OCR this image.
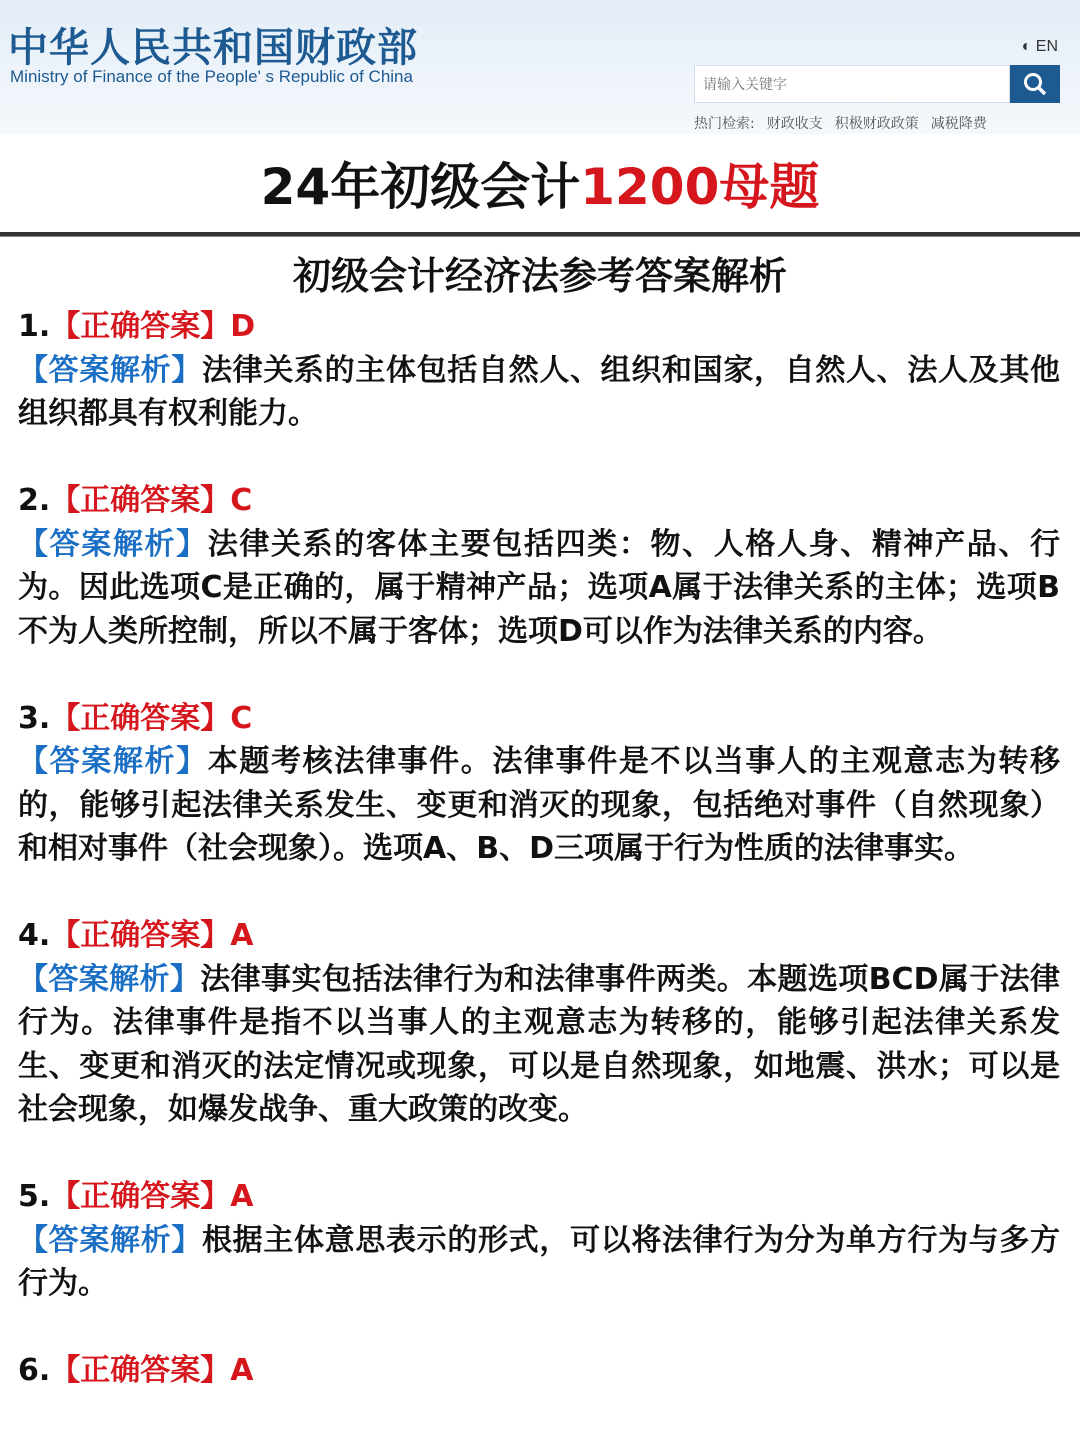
中华人民共和国财政部
Ministry of Finance of the People' s Republic of China
◐ EN
请输入关键字
热门检索: 财政收支 积极财政政策 减税降费
24年初级会计 1200母题
初级会计经济法参考答案解析
1.【正确答案】D
【答案解析】法律关系的主体包括自然人、组织和国家，自然人、法人及其他组织都具有权利能力。
2.【正确答案】C
【答案解析】法律关系的客体主要包括四类：物、人格人身、精神产品、行为。因此选项C是正确的，属于精神产品；选项A属于法律关系的主体；选项B不为人类所控制，所以不属于客体；选项D可以作为法律关系的内容。
3.【正确答案】C
【答案解析】本题考核法律事件。法律事件是不以当事人的主观意志为转移的，能够引起法律关系发生、变更和消灭的现象，包括绝对事件（自然现象）和相对事件（社会现象）。选项A、B、D三项属于行为性质的法律事实。
4.【正确答案】A
【答案解析】法律事实包括法律行为和法律事件两类。本题选项BCD属于法律行为。法律事件是指不以当事人的主观意志为转移的，能够引起法律关系发生、变更和消灭的法定情况或现象，可以是自然现象，如地震、洪水；可以是社会现象，如爆发战争、重大政策的改变。
5.【正确答案】A
【答案解析】根据主体意思表示的形式，可以将法律行为分为单方行为与多方行为。
6.【正确答案】A
